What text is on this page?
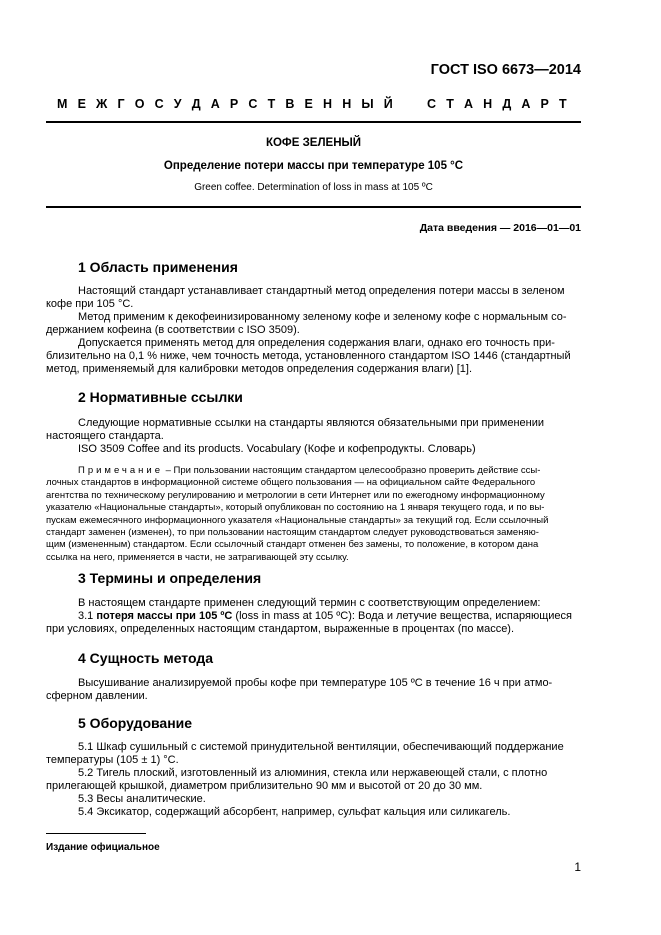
ГОСТ ISO 6673—2014
М Е Ж Г О С У Д А Р С Т В Е Н Н Ы Й	С Т А Н Д А Р Т
КОФЕ ЗЕЛЕНЫЙ
Определение потери массы при температуре 105 °С
Green coffee. Determination of loss in mass at 105 ºC
Дата введения — 2016—01—01
1 Область применения
Настоящий стандарт устанавливает стандартный метод определения потери массы в зеленом
кофе при 105 °С.
Метод применим к декофеинизированному зеленому кофе и зеленому кофе с нормальным со-
держанием кофеина (в соответствии с ISO 3509).
Допускается применять метод для определения содержания влаги, однако его точность при-
близительно на 0,1 % ниже, чем точность метода, установленного стандартом ISO 1446 (стандартный
метод, применяемый для калибровки методов определения содержания влаги) [1].
2 Нормативные ссылки
Следующие нормативные ссылки на стандарты являются обязательными при применении
настоящего стандарта.
ISO 3509 Coffee and its products. Vocabulary (Кофе и кофепродукты. Словарь)
Примечание – При пользовании настоящим стандартом целесообразно проверить действие ссы-
лочных стандартов в информационной системе общего пользования — на официальном сайте Федерального
агентства по техническому регулированию и метрологии в сети Интернет или по ежегодному информационному
указателю «Национальные стандарты», который опубликован по состоянию на 1 января текущего года, и по вы-
пускам ежемесячного информационного указателя «Национальные стандарты» за текущий год. Если ссылочный
стандарт заменен (изменен), то при пользовании настоящим стандартом следует руководствоваться заменяю-
щим (измененным) стандартом. Если ссылочный стандарт отменен без замены, то положение, в котором дана
ссылка на него, применяется в части, не затрагивающей эту ссылку.
3 Термины и определения
В настоящем стандарте применен следующий термин с соответствующим определением:
3.1 потеря массы при 105 ºС (loss in mass at 105 ºC): Вода и летучие вещества, испаряющиеся
при условиях, определенных настоящим стандартом, выраженные в процентах (по массе).
4 Сущность метода
Высушивание анализируемой пробы кофе при температуре 105 ºС в течение 16 ч при атмо-
сферном давлении.
5 Оборудование
5.1 Шкаф сушильный с системой принудительной вентиляции, обеспечивающий поддержание
температуры (105 ± 1) °С.
5.2 Тигель плоский, изготовленный из алюминия, стекла или нержавеющей стали, с плотно
прилегающей крышкой, диаметром приблизительно 90 мм и высотой от 20 до 30 мм.
5.3 Весы аналитические.
5.4 Эксикатор, содержащий абсорбент, например, сульфат кальция или силикагель.
Издание официальное
1
